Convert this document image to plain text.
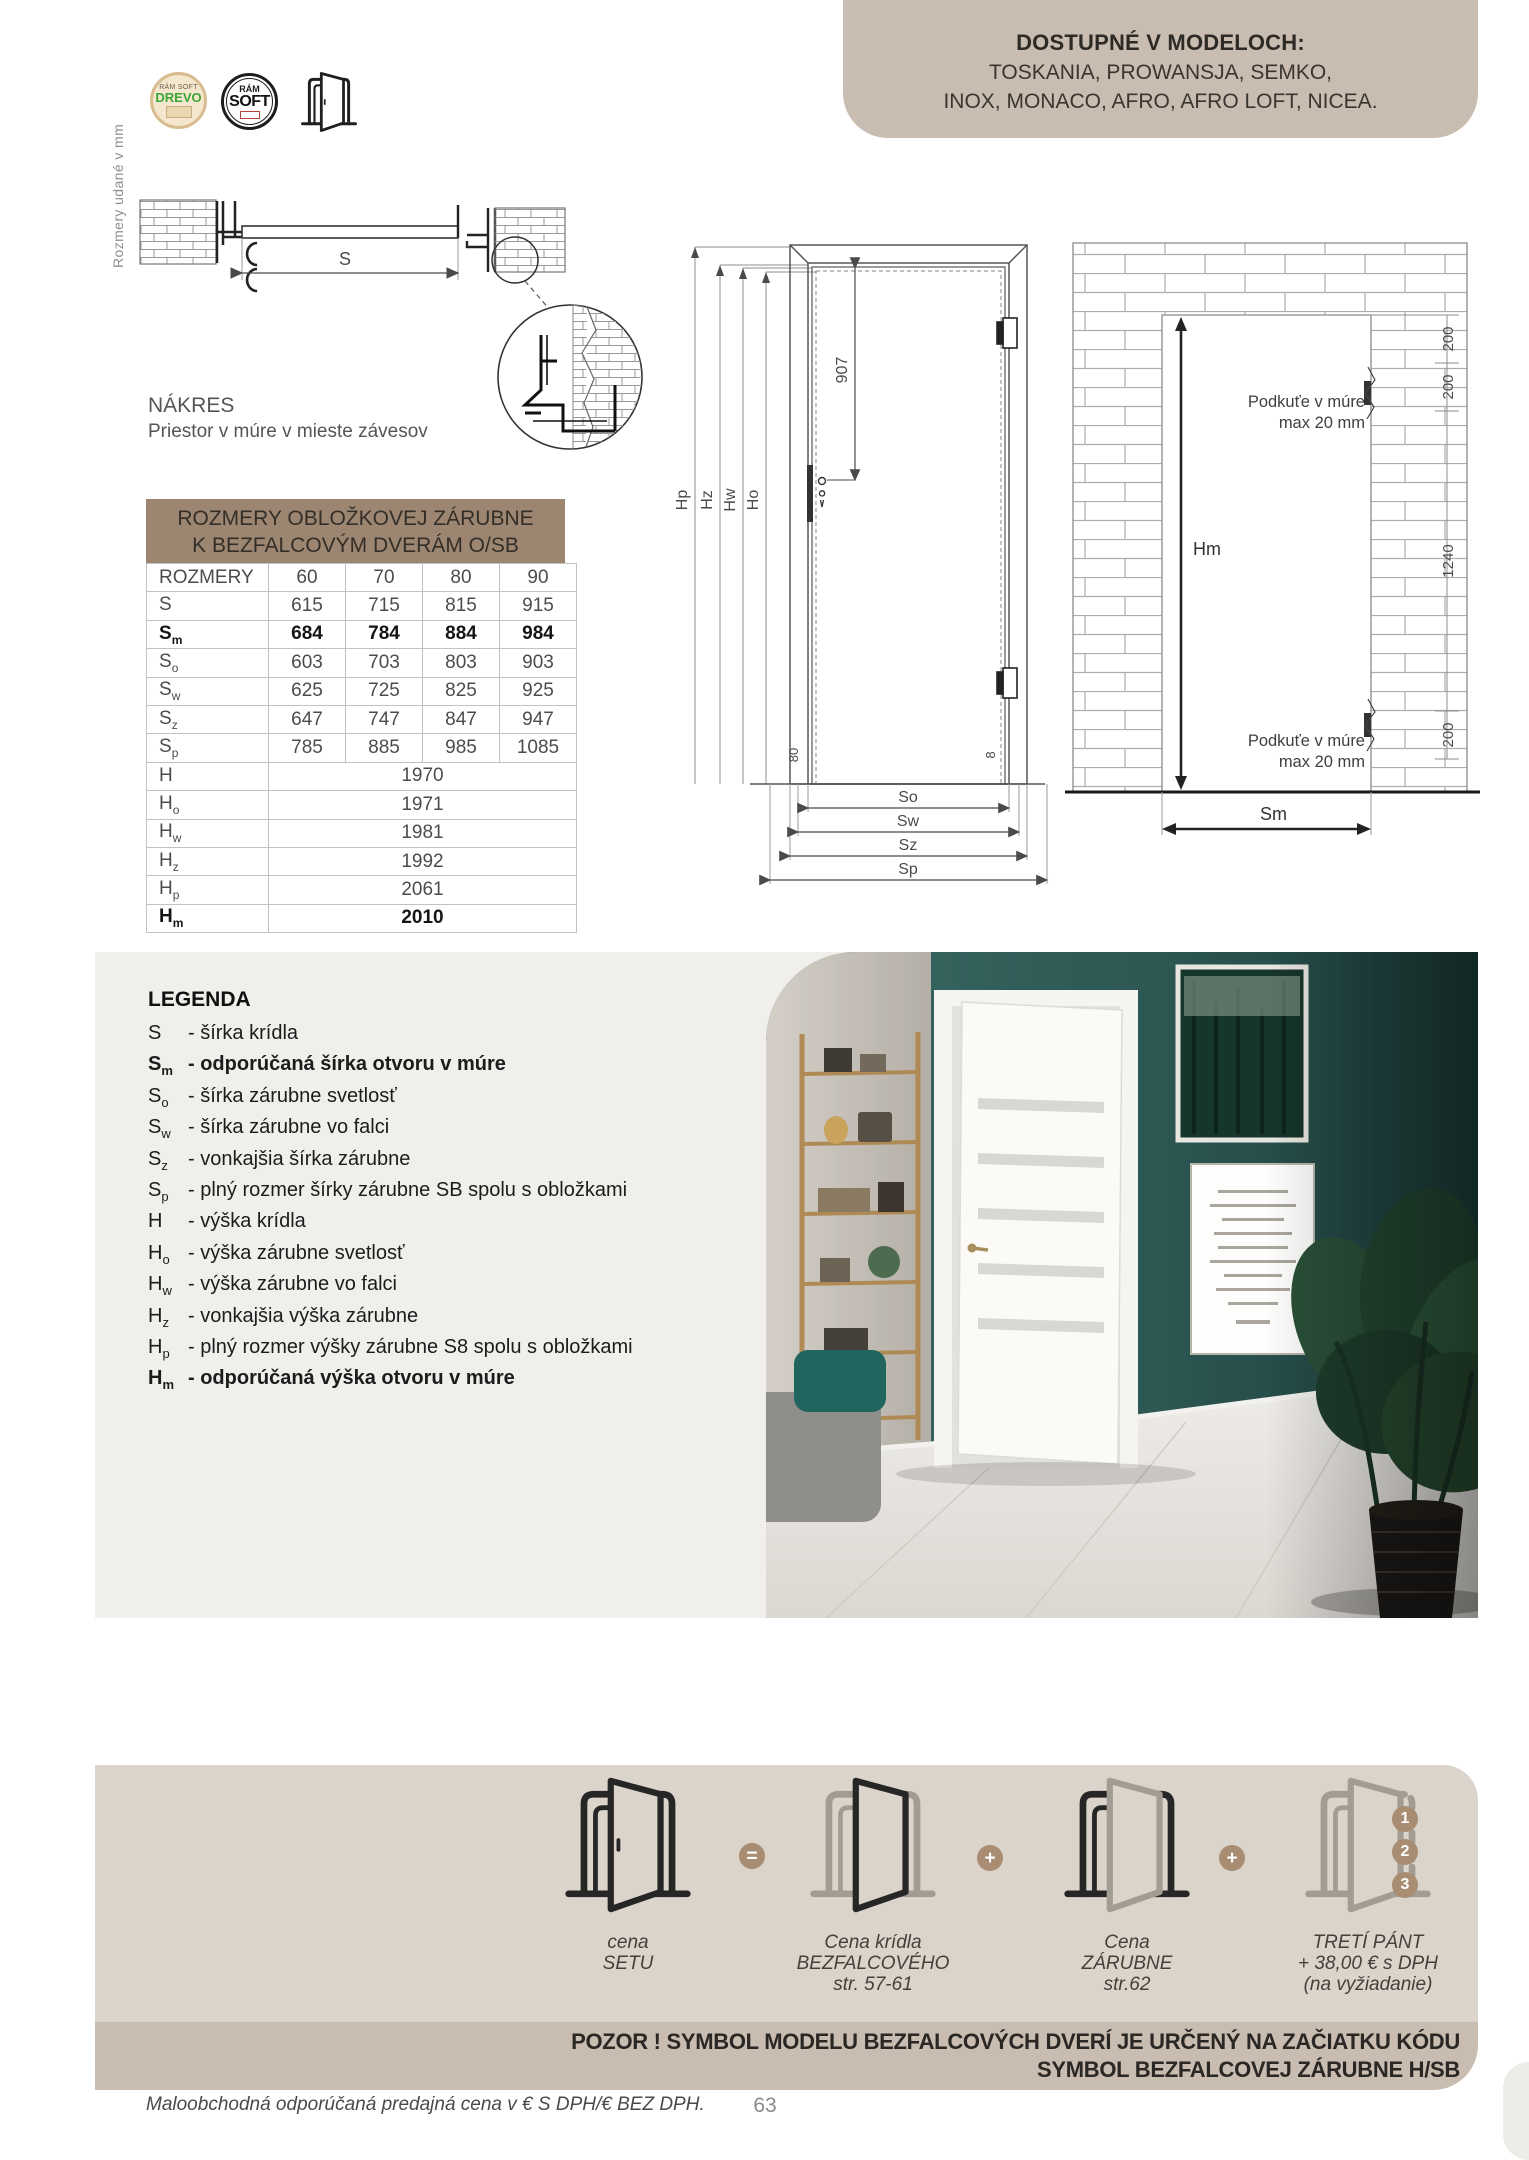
DOSTUPNÉ V MODELOCH:
TOSKANIA, PROWANSJA, SEMKO,
INOX, MONACO, AFRO, AFRO LOFT, NICEA.
Rozmery udané v mm
RÁM SOFT
DREVO
RÁM
SOFT
S
NÁKRES
Priestor v múre v mieste závesov
ROZMERY OBLOŽKOVEJ ZÁRUBNE
K BEZFALCOVÝM DVERÁM O/SB
ROZMERY	60	70	80	90
S	615	715	815	915
$S_m$	684	784	884	984
$S_o$	603	703	803	903
$S_w$	625	725	825	925
$S_z$	647	747	847	947
$S_p$	785	885	985	1085
H	1970			
$H_o$	1971			
$H_w$	1981			
$H_z$	1992			
$H_p$	2061			
$H_m$	2010			
Hp Hz Hw Ho
907
80	8
So
Sw
Sz
Sp
Hm
200
200
1240
200
Podkuťe v múre
max 20 mm
Podkuťe v múre
max 20 mm
Sm
LEGENDA
S - šírka krídla
$S_m$ - odporúčaná šírka otvoru v múre
$S_o$ - šírka zárubne svetlosť
$S_w$ - šírka zárubne vo falci
$S_z$ - vonkajšia šírka zárubne
$S_p$ - plný rozmer šírky zárubne SB spolu s obložkami
H - výška krídla
$H_o$ - výška zárubne svetlosť
$H_w$ - výška zárubne vo falci
$H_z$ - vonkajšia výška zárubne
$H_p$ - plný rozmer výšky zárubne S8 spolu s obložkami
$H_m$ - odporúčaná výška otvoru v múre
cena
SETU
=
Cena krídla
BEZFALCOVÉHO
str. 57-61
+
Cena
ZÁRUBNE
str.62
+
1
2
3
TRETÍ PÁNT
+ 38,00 € s DPH
(na vyžiadanie)
POZOR ! SYMBOL MODELU BEZFALCOVÝCH DVERÍ JE URČENÝ NA ZAČIATKU KÓDU
SYMBOL BEZFALCOVEJ ZÁRUBNE H/SB
Maloobchodná odporúčaná predajná cena v € S DPH/€ BEZ DPH.	63
